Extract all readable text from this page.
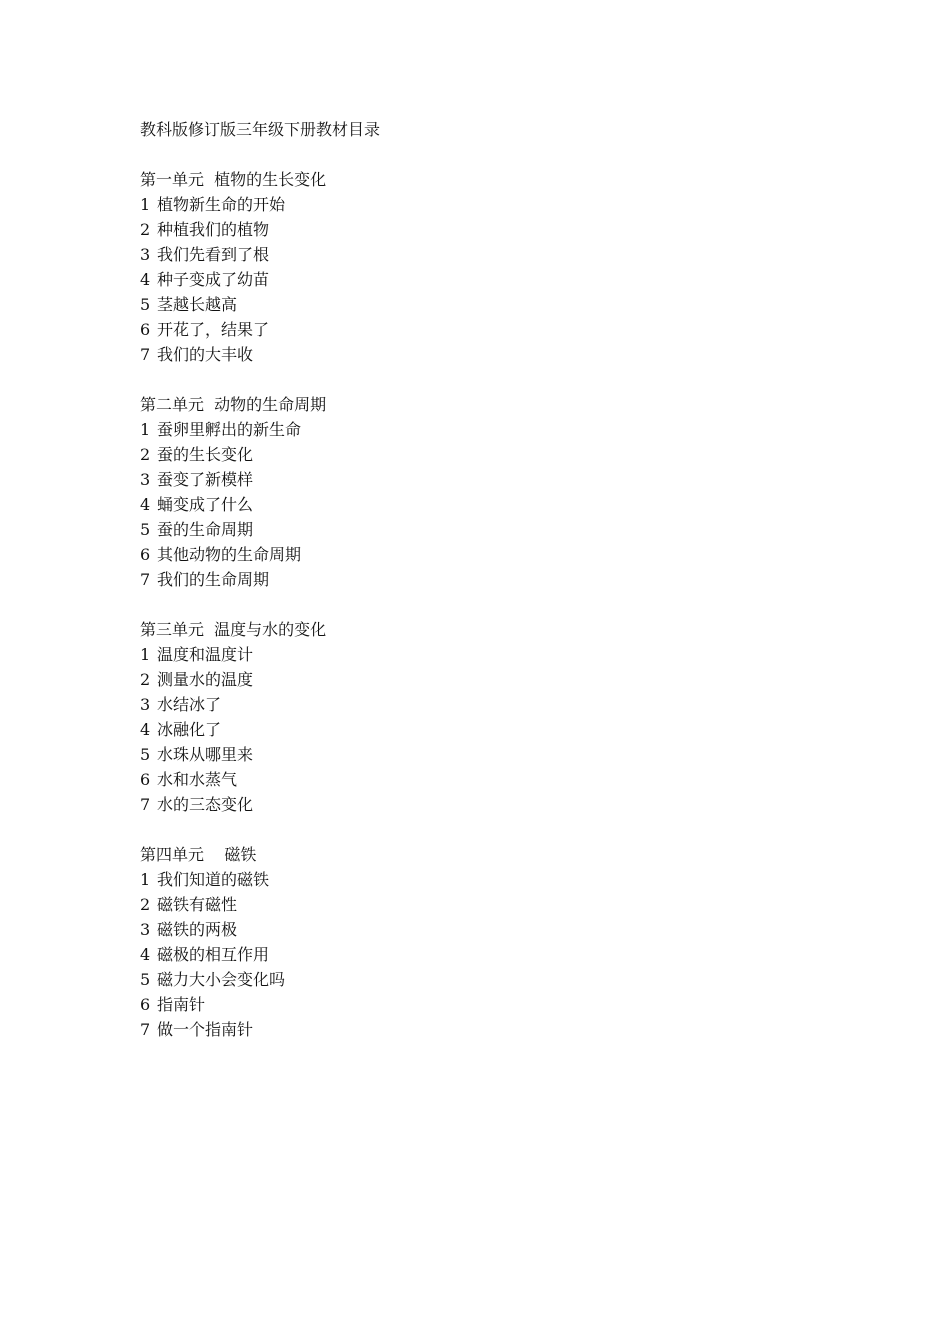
教科版修订版三年级下册教材目录
第一单元  植物的生长变化
1 植物新生命的开始
2 种植我们的植物
3 我们先看到了根
4 种子变成了幼苗
5 茎越长越高
6 开花了，结果了
7 我们的大丰收
第二单元  动物的生命周期
1 蚕卵里孵出的新生命
2 蚕的生长变化
3 蚕变了新模样
4 蛹变成了什么
5 蚕的生命周期
6 其他动物的生命周期
7 我们的生命周期
第三单元  温度与水的变化
1 温度和温度计
2 测量水的温度
3 水结冰了
4 冰融化了
5 水珠从哪里来
6 水和水蒸气
7 水的三态变化
第四单元    磁铁
1 我们知道的磁铁
2 磁铁有磁性
3 磁铁的两极
4 磁极的相互作用
5 磁力大小会变化吗
6 指南针
7 做一个指南针
